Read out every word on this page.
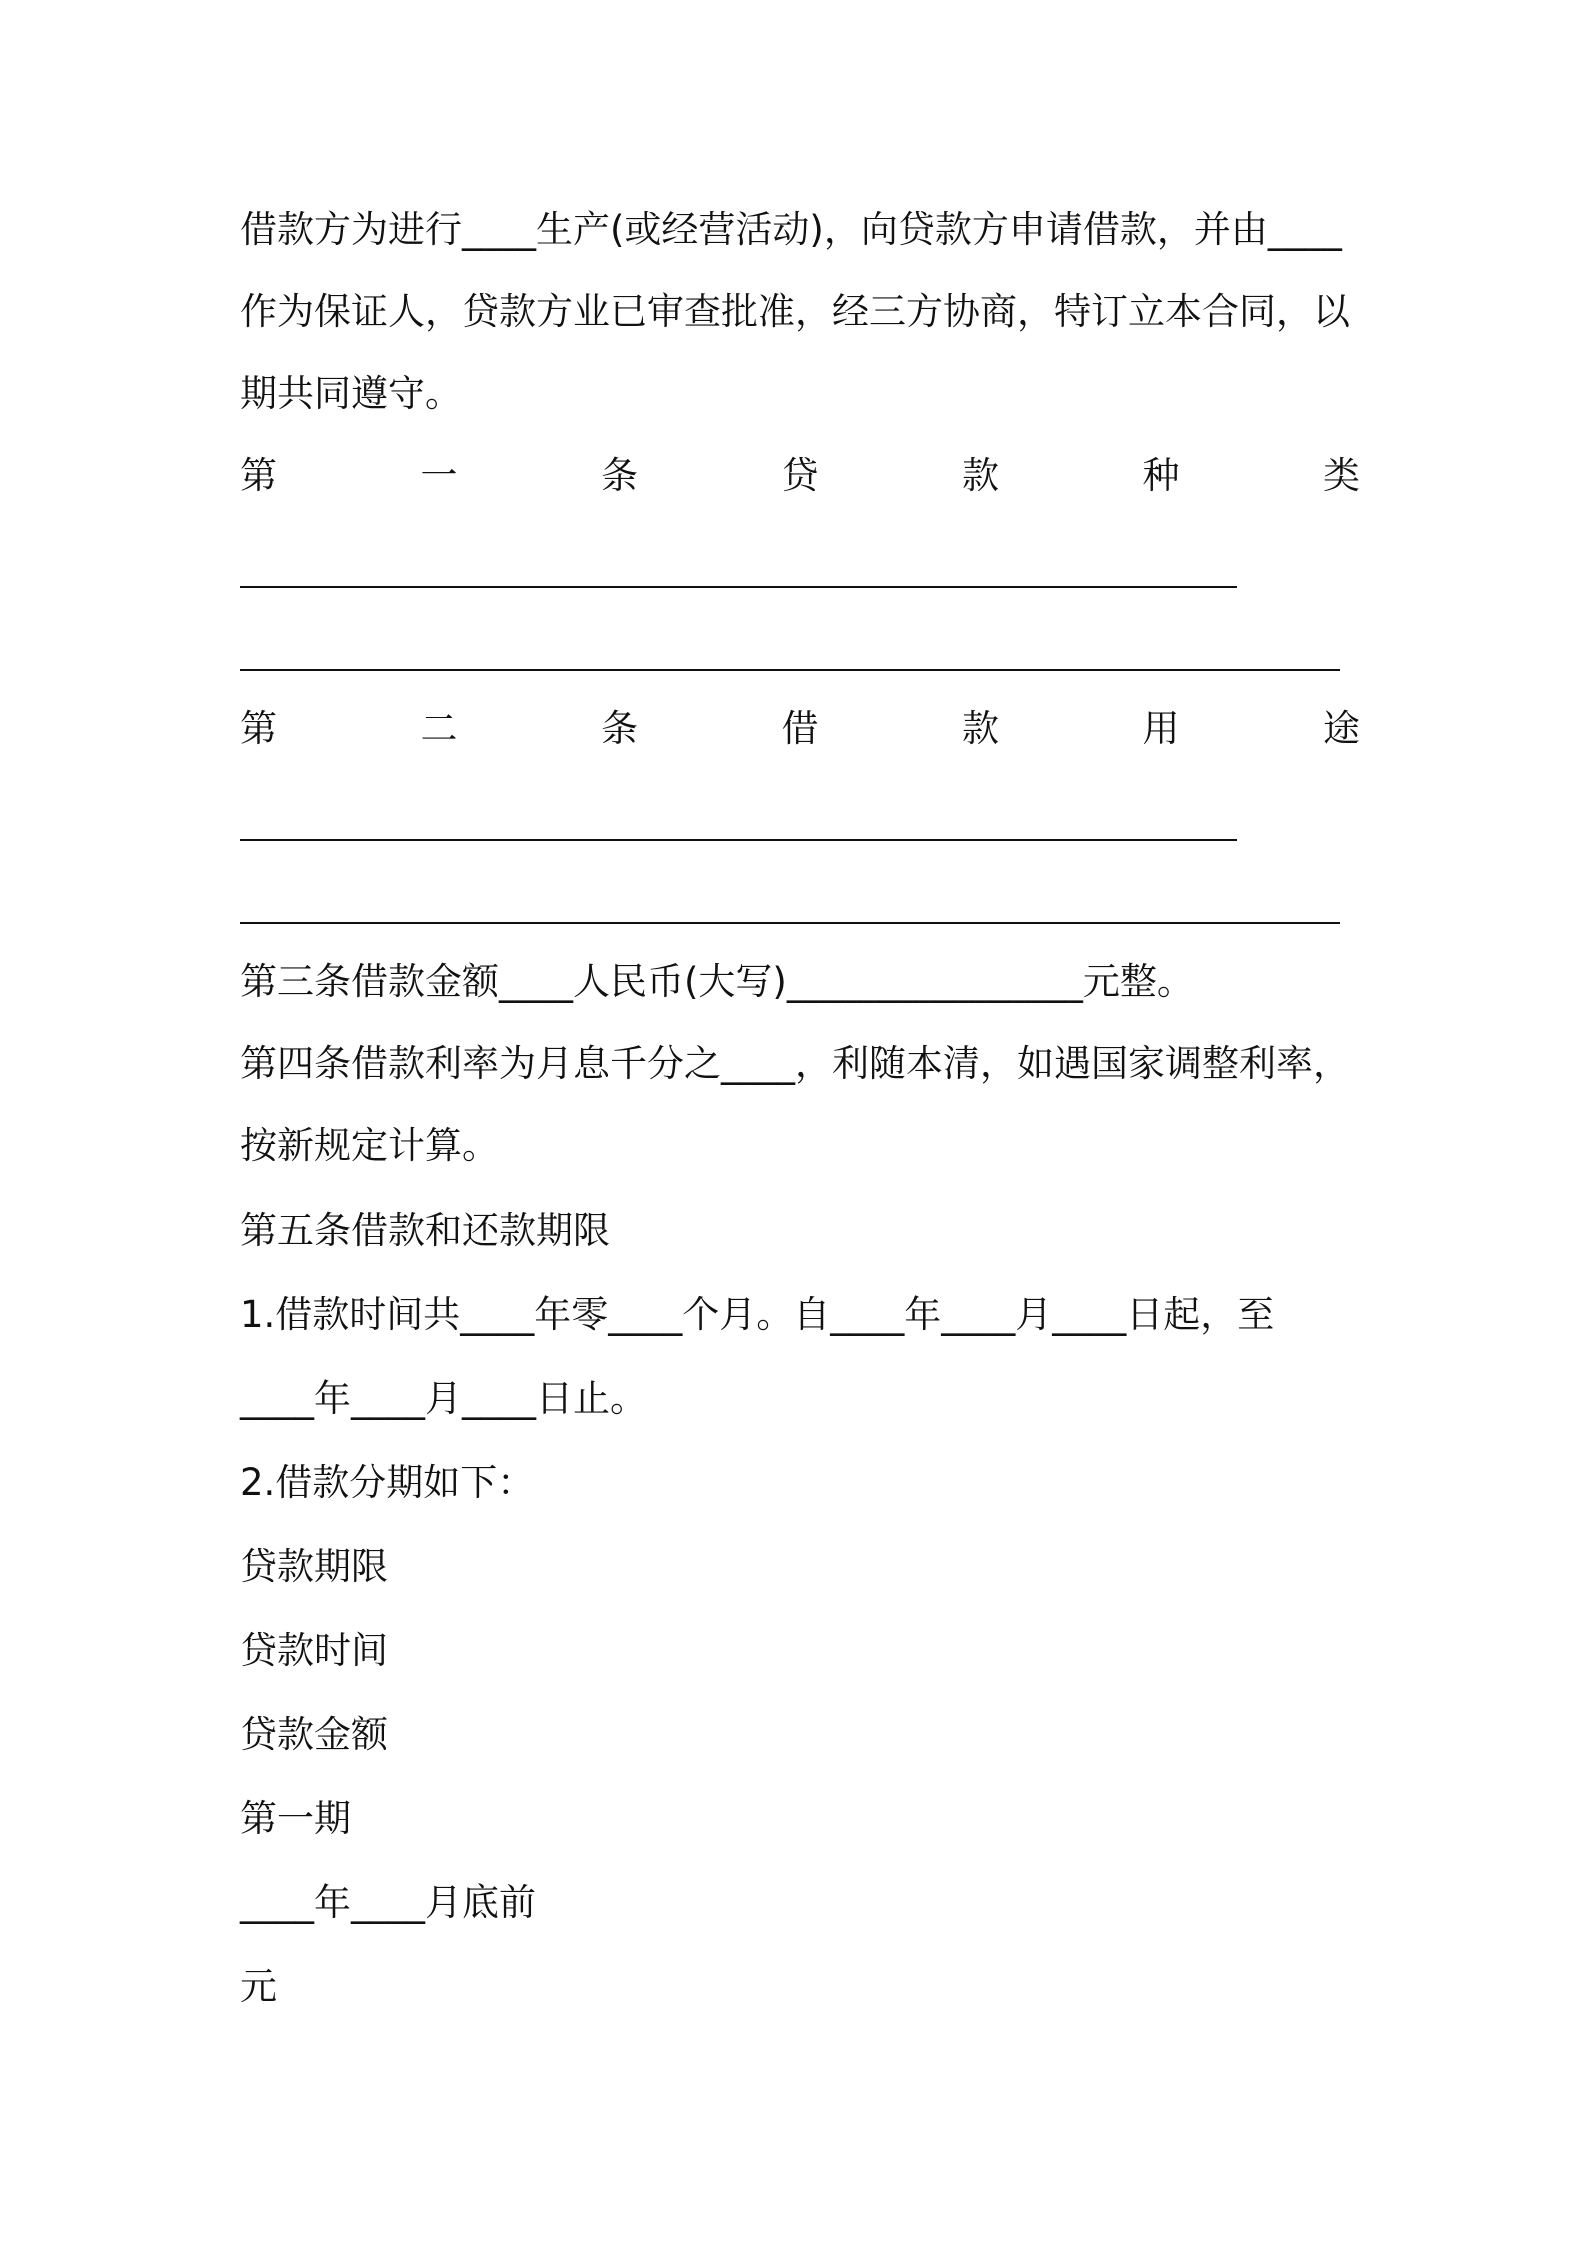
借款方为进行____生产(或经营活动)，向贷款方申请借款，并由____
作为保证人，贷款方业已审查批准，经三方协商，特订立本合同，以
期共同遵守。
第	一	条	贷	款	种	类
第	二	条	借	款	用	途
第三条借款金额____人民币(大写)________________元整。
第四条借款利率为月息千分之____，利随本清，如遇国家调整利率，
按新规定计算。
第五条借款和还款期限
1.借款时间共____年零____个月。自____年____月____日起，至
____年____月____日止。
2.借款分期如下：
贷款期限
贷款时间
贷款金额
第一期
____年____月底前
元
